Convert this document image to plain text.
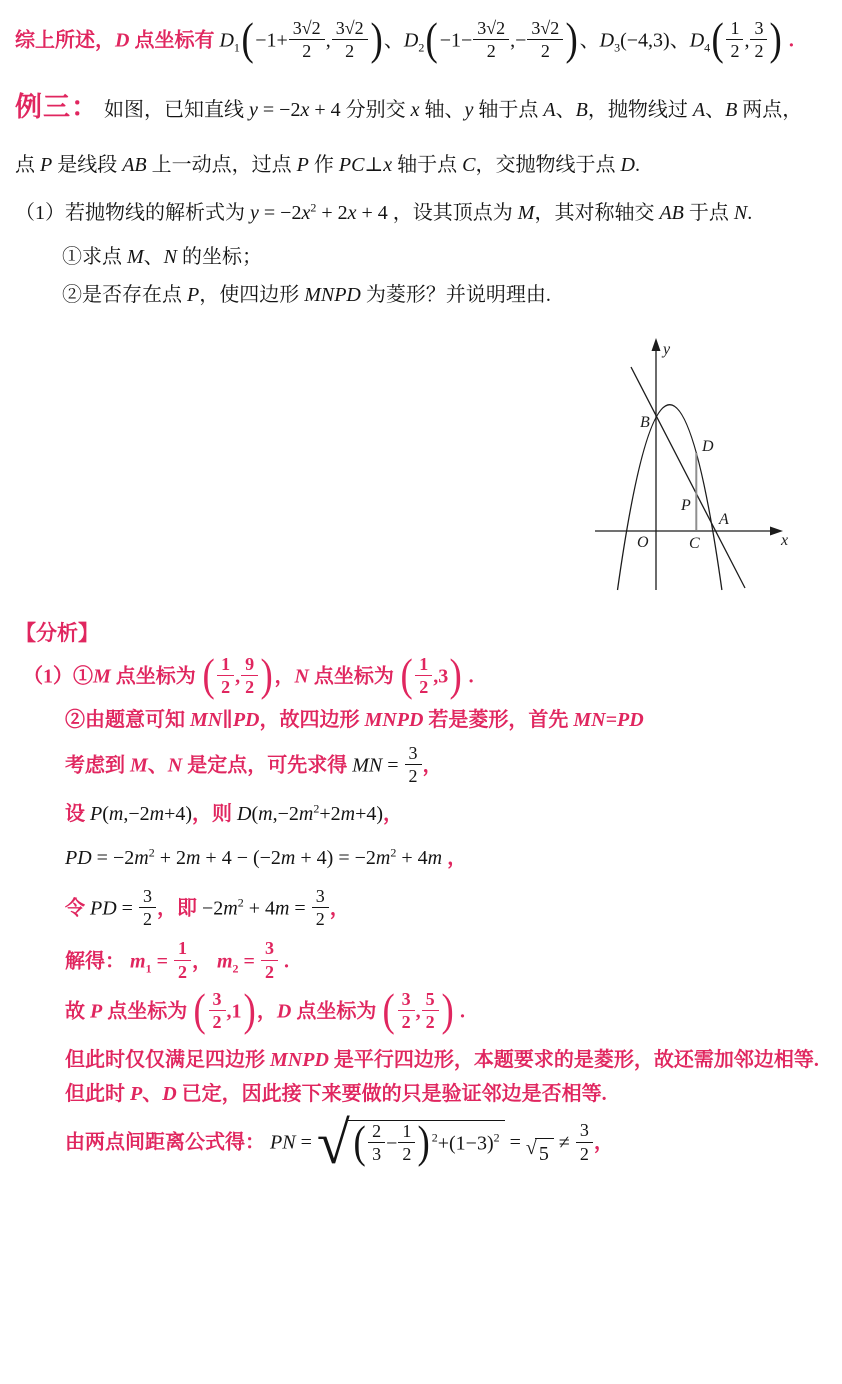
综上所述，D 点坐标有 $D_1(-1+ \frac{3√2}{2}$ , $\frac{3√2}{2}$ )、$D_2(-1- \frac{3√2}{2}$ ,− $\frac{3√2}{2}$ )、$D_3(-4,3)$、$D_4( \frac{1}{2}$ , $\frac{3}{2}$ ) .
例三： 如图，已知直线 y = −2x + 4 分别交 x 轴、y 轴于点 A、B，抛物线过 A、B 两点，
点 P 是线段 AB 上一动点，过点 P 作 PC⊥x 轴于点 C，交抛物线于点 D.
（1）若抛物线的解析式为 $y = -2x^2 + 2x + 4$ ，设其顶点为 M，其对称轴交 AB 于点 N.
①求点 M、N 的坐标；
②是否存在点 P，使四边形 MNPD 为菱形？并说明理由.
y
x
O
B
D
P
A
C
【分析】
（1）①M 点坐标为 ( $\frac{1}{2}$ , $\frac{9}{2}$ )，N 点坐标为 ( $\frac{1}{2} ,3$) .
②由题意可知 MN∥PD，故四边形 MNPD 若是菱形，首先 MN=PD
考虑到 M、N 是定点，可先求得 MN = $\frac{3}{2}$ ，
设 P(m,−2m+4)，则 $D(m,-2m^2+2m+4)$，
PD = $-2m^2 + 2m + 4 - (-2m + 4) = -2m^2 + 4m$ ，
令 PD = $\frac{3}{2}$ ，即 $-2m^2 + 4m = \frac{3}{2}$ ，
解得： $m_1 = \frac{1}{2}$ ， $m_2 = \frac{3}{2}$ .
故 P 点坐标为 ( $\frac{3}{2} ,1$)，D 点坐标为 ( $\frac{3}{2}$ , $\frac{5}{2}$ ) .
但此时仅仅满足四边形 MNPD 是平行四边形，本题要求的是菱形，故还需加邻边相等.
但此时 P、D 已定，因此接下来要做的只是验证邻边是否相等.
由两点间距离公式得： PN = √ ( $\frac{2}{3} - \frac{1}{2}$ ) $^2+(1-3)^2$ = √ $5 \ne \frac{3}{2}$ ，
